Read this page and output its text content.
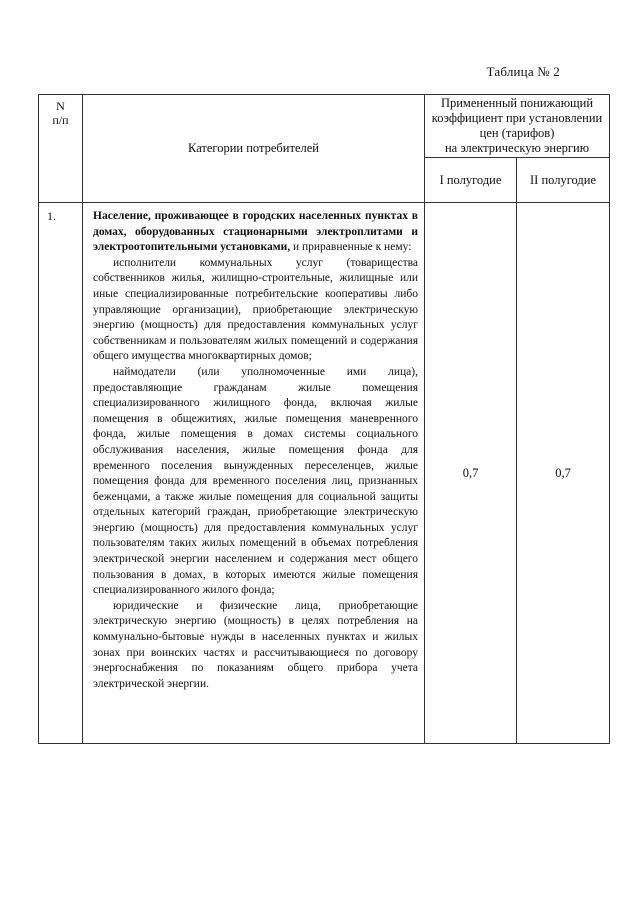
Таблица № 2
N
п/п	Категории потребителей	Примененный понижающий коэффициент при установлении цен (тарифов)
на электрическую энергию	
		I полугодие	II полугодие
1.	Население, проживающее в городских населенных пунктах в домах, оборудованных стационарными электроплитами и электроотопительными установками, и приравненные к нему:

исполнители коммунальных услуг (товарищества собственников жилья, жилищно-строительные, жилищные или иные специализированные потребительские кооперативы либо управляющие организации), приобретающие электрическую энергию (мощность) для предоставления коммунальных услуг собственникам и пользователям жилых помещений и содержания общего имущества многоквартирных домов;

наймодатели (или уполномоченные ими лица), предоставляющие гражданам жилые помещения специализированного жилищного фонда, включая жилые помещения в общежитиях, жилые помещения маневренного фонда, жилые помещения в домах системы социального обслуживания населения, жилые помещения фонда для временного поселения вынужденных переселенцев, жилые помещения фонда для временного поселения лиц, признанных беженцами, а также жилые помещения для социальной защиты отдельных категорий граждан, приобретающие электрическую энергию (мощность) для предоставления коммунальных услуг пользователям таких жилых помещений в объемах потребления электрической энергии населением и содержания мест общего пользования в домах, в которых имеются жилые помещения специализированного жилого фонда;

юридические и физические лица, приобретающие электрическую энергию (мощность) в целях потребления на коммунально-бытовые нужды в населенных пунктах и жилых зонах при воинских частях и рассчитывающиеся по договору энергоснабжения по показаниям общего прибора учета электрической энергии.	0,7	0,7
